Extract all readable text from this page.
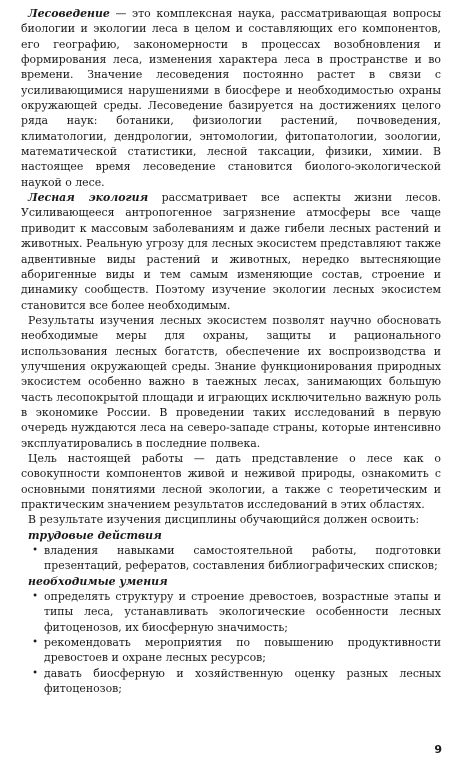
Лесоведение — это комплексная наука, рассматривающая вопросы биологии и экологии леса в целом и составляющих его компонентов, его географию, закономерности в процессах возобновления и формирования леса, изменения характера леса в пространстве и во времени. Значение лесоведения постоянно растет в связи с усиливающимися нарушениями в биосфере и необходимостью охраны окружающей среды. Лесоведение базируется на достижениях целого ряда наук: ботаники, физиологии растений, почвоведения, климатологии, дендрологии, энтомологии, фитопатологии, зоологии, математической статистики, лесной таксации, физики, химии. В настоящее время лесоведение становится биолого-экологической наукой о лесе.

Лесная экология рассматривает все аспекты жизни лесов. Усиливающееся антропогенное загрязнение атмосферы все чаще приводит к массовым заболеваниям и даже гибели лесных растений и животных. Реальную угрозу для лесных экосистем представляют также адвентивные виды растений и животных, нередко вытесняющие аборигенные виды и тем самым изменяющие состав, строение и динамику сообществ. Поэтому изучение экологии лесных экосистем становится все более необходимым.

Результаты изучения лесных экосистем позволят научно обосновать необходимые меры для охраны, защиты и рационального использования лесных богатств, обеспечение их воспроизводства и улучшения окружающей среды. Знание функционирования природных экосистем особенно важно в таежных лесах, занимающих большую часть лесопокрытой площади и играющих исключительно важную роль в экономике России. В проведении таких исследований в первую очередь нуждаются леса на северо-западе страны, которые интенсивно эксплуатировались в последние полвека.

Цель настоящей работы — дать представление о лесе как о совокупности компонентов живой и неживой природы, ознакомить с основными понятиями лесной экологии, а также с теоретическим и практическим значением результатов исследований в этих областях.

В результате изучения дисциплины обучающийся должен освоить:

трудовые действия
• владения навыками самостоятельной работы, подготовки презентаций, рефератов, составления библиографических списков;
необходимые умения
• определять структуру и строение древостоев, возрастные этапы и типы леса, устанавливать экологические особенности лесных фитоценозов, их биосферную значимость;
• рекомендовать мероприятия по повышению продуктивности древостоев и охране лесных ресурсов;
• давать биосферную и хозяйственную оценку разных лесных фитоценозов;
9
